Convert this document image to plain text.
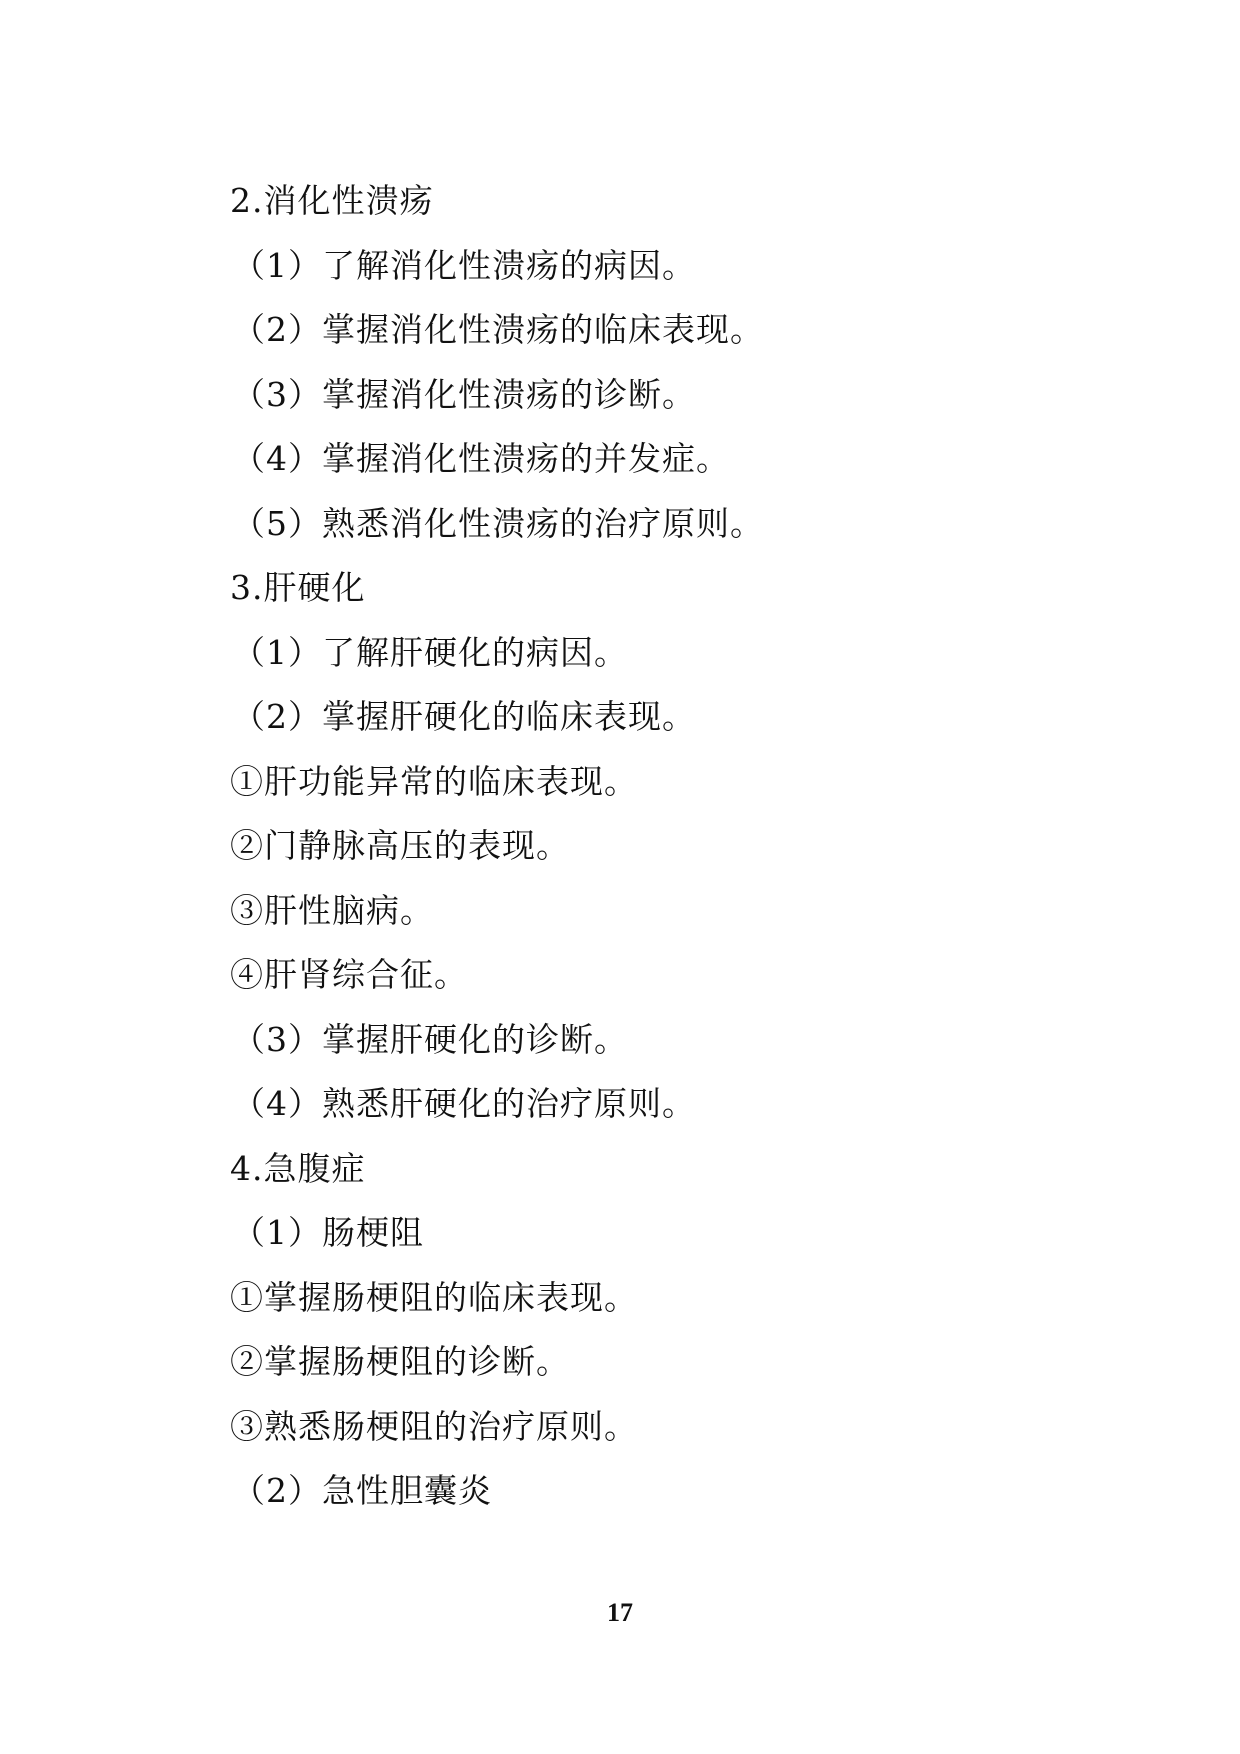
2.消化性溃疡
（1）了解消化性溃疡的病因。
（2）掌握消化性溃疡的临床表现。
（3）掌握消化性溃疡的诊断。
（4）掌握消化性溃疡的并发症。
（5）熟悉消化性溃疡的治疗原则。
3.肝硬化
（1）了解肝硬化的病因。
（2）掌握肝硬化的临床表现。
①肝功能异常的临床表现。
②门静脉高压的表现。
③肝性脑病。
④肝肾综合征。
（3）掌握肝硬化的诊断。
（4）熟悉肝硬化的治疗原则。
4.急腹症
（1）肠梗阻
①掌握肠梗阻的临床表现。
②掌握肠梗阻的诊断。
③熟悉肠梗阻的治疗原则。
（2）急性胆囊炎
17
